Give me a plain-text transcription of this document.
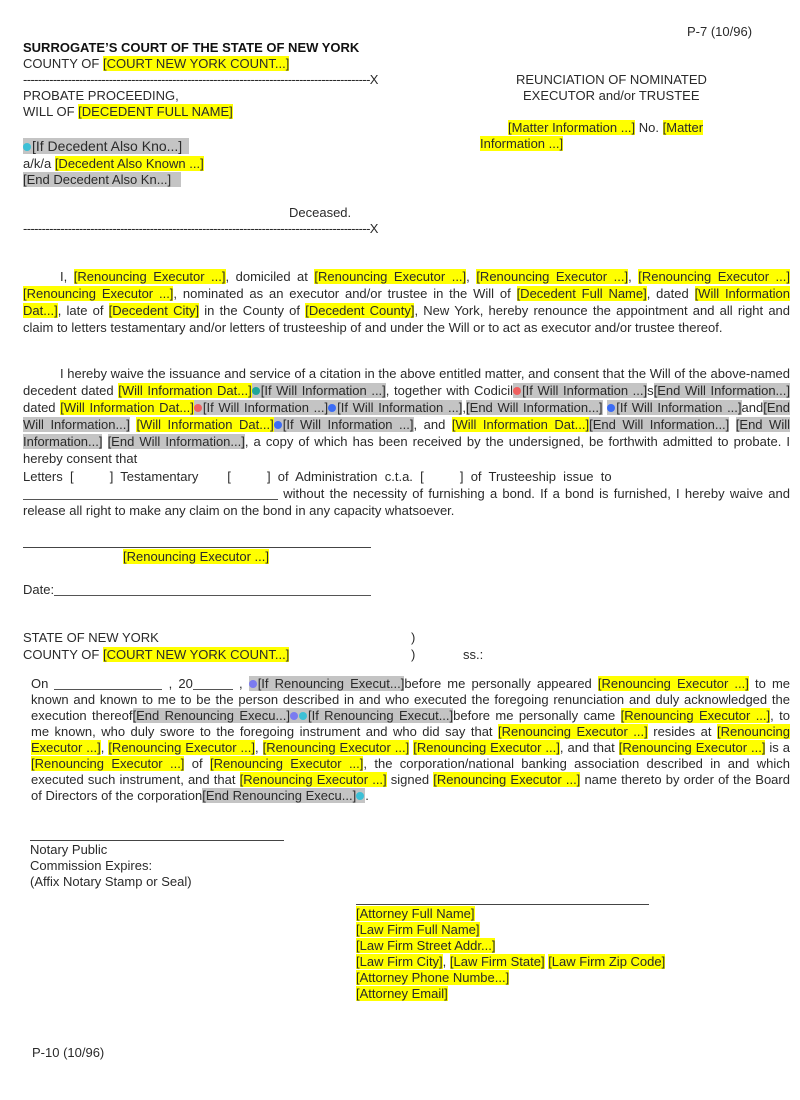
P-7 (10/96)
SURROGATE’S COURT OF THE STATE OF NEW YORK
COUNTY OF [COURT NEW YORK COUNT...]
---------------------------------------------------------------------------------------------X
PROBATE PROCEEDING,
WILL OF [DECEDENT FULL NAME]
[If Decedent Also Kno...]
a/k/a [Decedent Also Known ...]
[End Decedent Also Kn...]
Deceased.
---------------------------------------------------------------------------------------------X
REUNCIATION OF NOMINATED
EXECUTOR and/or TRUSTEE
[Matter Information ...] No. [Matter
Information ...]
I, [Renouncing Executor ...], domiciled at [Renouncing Executor ...], [Renouncing Executor ...], [Renouncing Executor ...] [Renouncing Executor ...], nominated as an executor and/or trustee in the Will of [Decedent Full Name], dated [Will Information Dat...], late of [Decedent City] in the County of [Decedent County], New York, hereby renounce the appointment and all right and claim to letters testamentary and/or letters of trusteeship of and under the Will or to act as executor and/or trustee thereof.
I hereby waive the issuance and service of a citation in the above entitled matter, and consent that the Will of the above-named decedent dated [Will Information Dat...] [If Will Information ...], together with Codicil [If Will Information ...]s[End Will Information...] dated [Will Information Dat...] [If Will Information ...] [If Will Information ...],[End Will Information...] [If Will Information ...]and[End Will Information...] [Will Information Dat...] [If Will Information ...], and [Will Information Dat...][End Will Information...] [End Will Information...] [End Will Information...], a copy of which has been received by the undersigned, be forthwith admitted to probate. I hereby consent that
Letters  [          ]  Testamentary        [          ]  of  Administration  c.t.a.  [          ]  of  Trusteeship  issue  to
without the necessity of furnishing a bond. If a bond is furnished, I hereby waive and release all right to make any claim on the bond in any capacity whatsoever.
[Renouncing Executor ...]
Date:
STATE OF NEW YORK
COUNTY OF [COURT NEW YORK COUNT...]
)
)	ss.:
On	, 20	, [If Renouncing Execut...]before me personally appeared [Renouncing Executor ...] to me known and known to me to be the person described in and who executed the foregoing renunciation and duly acknowledged the execution thereof[End Renouncing Execu...] [If Renouncing Execut...]before me personally came [Renouncing Executor ...], to me known, who duly swore to the foregoing instrument and who did say that [Renouncing Executor ...] resides at [Renouncing Executor ...], [Renouncing Executor ...], [Renouncing Executor ...] [Renouncing Executor ...], and that [Renouncing Executor ...] is a [Renouncing Executor ...] of [Renouncing Executor ...], the corporation/national banking association described in and which executed such instrument, and that [Renouncing Executor ...] signed [Renouncing Executor ...] name thereto by order of the Board of Directors of the corporation[End Renouncing Execu...] .
Notary Public
Commission Expires:
(Affix Notary Stamp or Seal)
[Attorney Full Name]
[Law Firm Full Name]
[Law Firm Street Addr...]
[Law Firm City], [Law Firm State] [Law Firm Zip Code]
[Attorney Phone Numbe...]
[Attorney Email]
P-10 (10/96)
